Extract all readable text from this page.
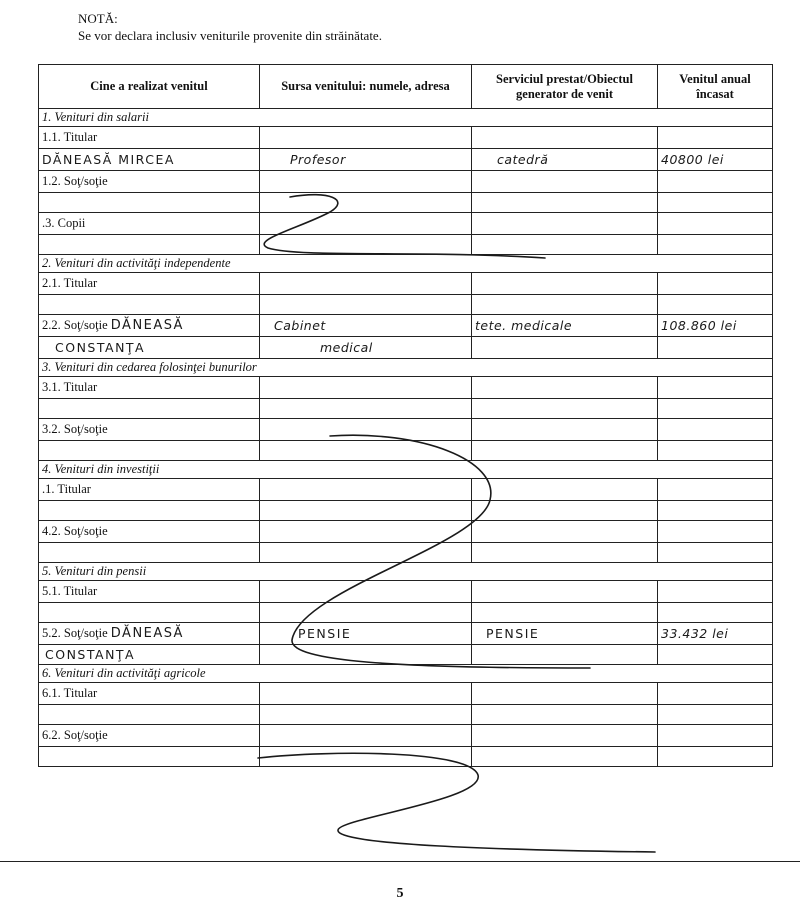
NOTĂ:
Se vor declara inclusiv veniturile provenite din străinătate.
Cine a realizat venitul	Sursa venitului: numele, adresa	Serviciul prestat/Obiectul generator de venit	Venitul anual încasat
1. Venituri din salarii			
1.1. Titular			
DĂNEASĂ MIRCEA	Profesor	catedră	40800 lei
1.2. Soţ/soţie			

.3. Copii			

2. Venituri din activităţi independente			
2.1. Titular			

2.2. Soţ/soţie DĂNEASĂ	Cabinet	tete. medicale	108.860 lei
CONSTANŢA	medical		
3. Venituri din cedarea folosinţei bunurilor			
3.1. Titular			

3.2. Soţ/soţie			

4. Venituri din investiţii			
.1. Titular			

4.2. Soţ/soţie			

5. Venituri din pensii			
5.1. Titular			

5.2. Soţ/soţie DĂNEASĂ	PENSIE	PENSIE	33.432 lei
CONSTANŢA			
6. Venituri din activităţi agricole			
6.1. Titular			

6.2. Soţ/soţie			

5
